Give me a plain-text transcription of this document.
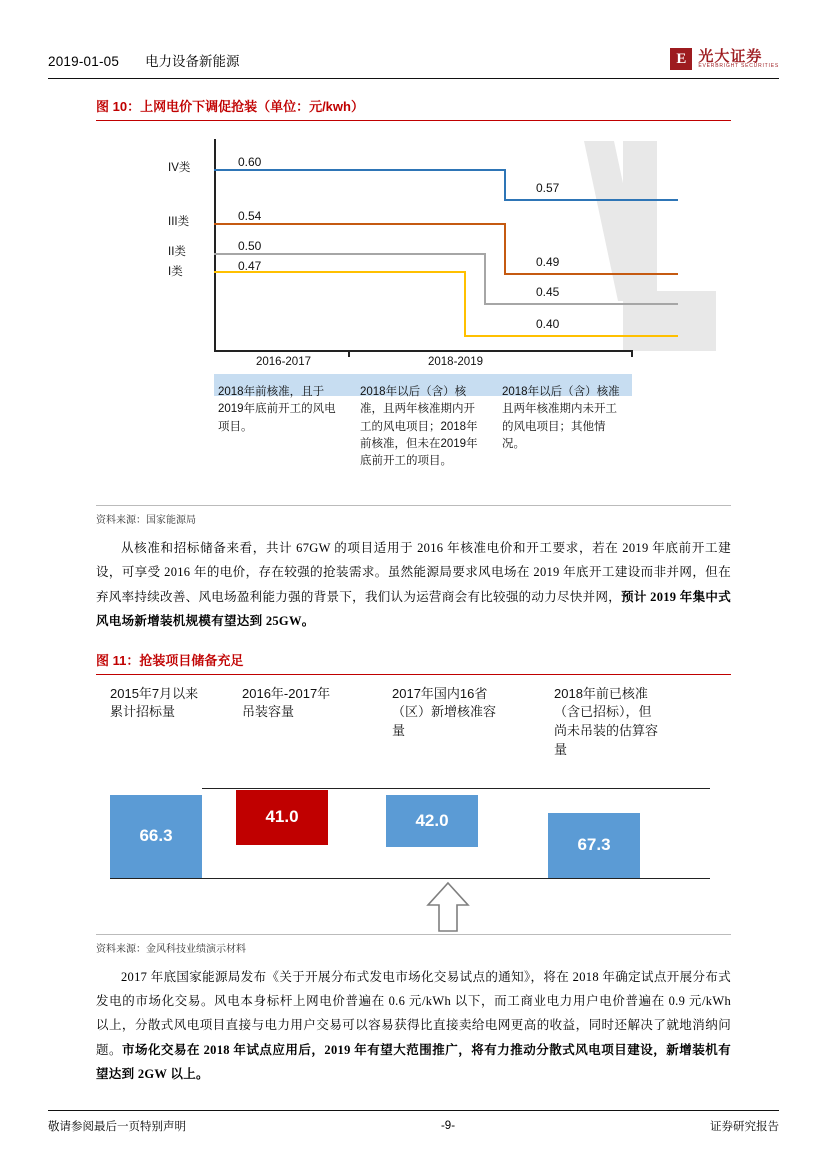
2019-01-05 电力设备新能源	E 光大证券
EVERBRIGHT SECURITIES
图 10：上网电价下调促抢装（单位：元/kwh）
IV类
III类
II类
I类
0.60
0.54
0.50
0.47
0.57
0.49
0.45
0.40
2016-2017	2018-2019
2018年前核准，且于2019年底前开工的风电项目。
2018年以后（含）核准，且两年核准期内开工的风电项目；2018年前核准，但未在2019年底前开工的项目。
2018年以后（含）核准且两年核准期内未开工的风电项目；其他情况。
资料来源：国家能源局

从核准和招标储备来看，共计 67GW 的项目适用于 2016 年核准电价和开工要求，若在 2019 年底前开工建设，可享受 2016 年的电价，存在较强的抢装需求。虽然能源局要求风电场在 2019 年底开工建设而非并网，但在弃风率持续改善、风电场盈利能力强的背景下，我们认为运营商会有比较强的动力尽快并网，预计 2019 年集中式风电场新增装机规模有望达到 25GW。

图 11：抢装项目储备充足
2015年7月以来累计招标量
2016年-2017年吊装容量
2017年国内16省（区）新增核准容量
2018年前已核准（含已招标），但尚未吊装的估算容量
66.3
41.0	42.0
67.3
资料来源：金风科技业绩演示材料

2017 年底国家能源局发布《关于开展分布式发电市场化交易试点的通知》，将在 2018 年确定试点开展分布式发电的市场化交易。风电本身标杆上网电价普遍在 0.6 元/kWh 以下，而工商业电力用户电价普遍在 0.9 元/kWh 以上，分散式风电项目直接与电力用户交易可以容易获得比直接卖给电网更高的收益，同时还解决了就地消纳问题。市场化交易在 2018 年试点应用后，2019 年有望大范围推广，将有力推动分散式风电项目建设，新增装机有望达到 2GW 以上。

敬请参阅最后一页特别声明	-9-	证券研究报告
